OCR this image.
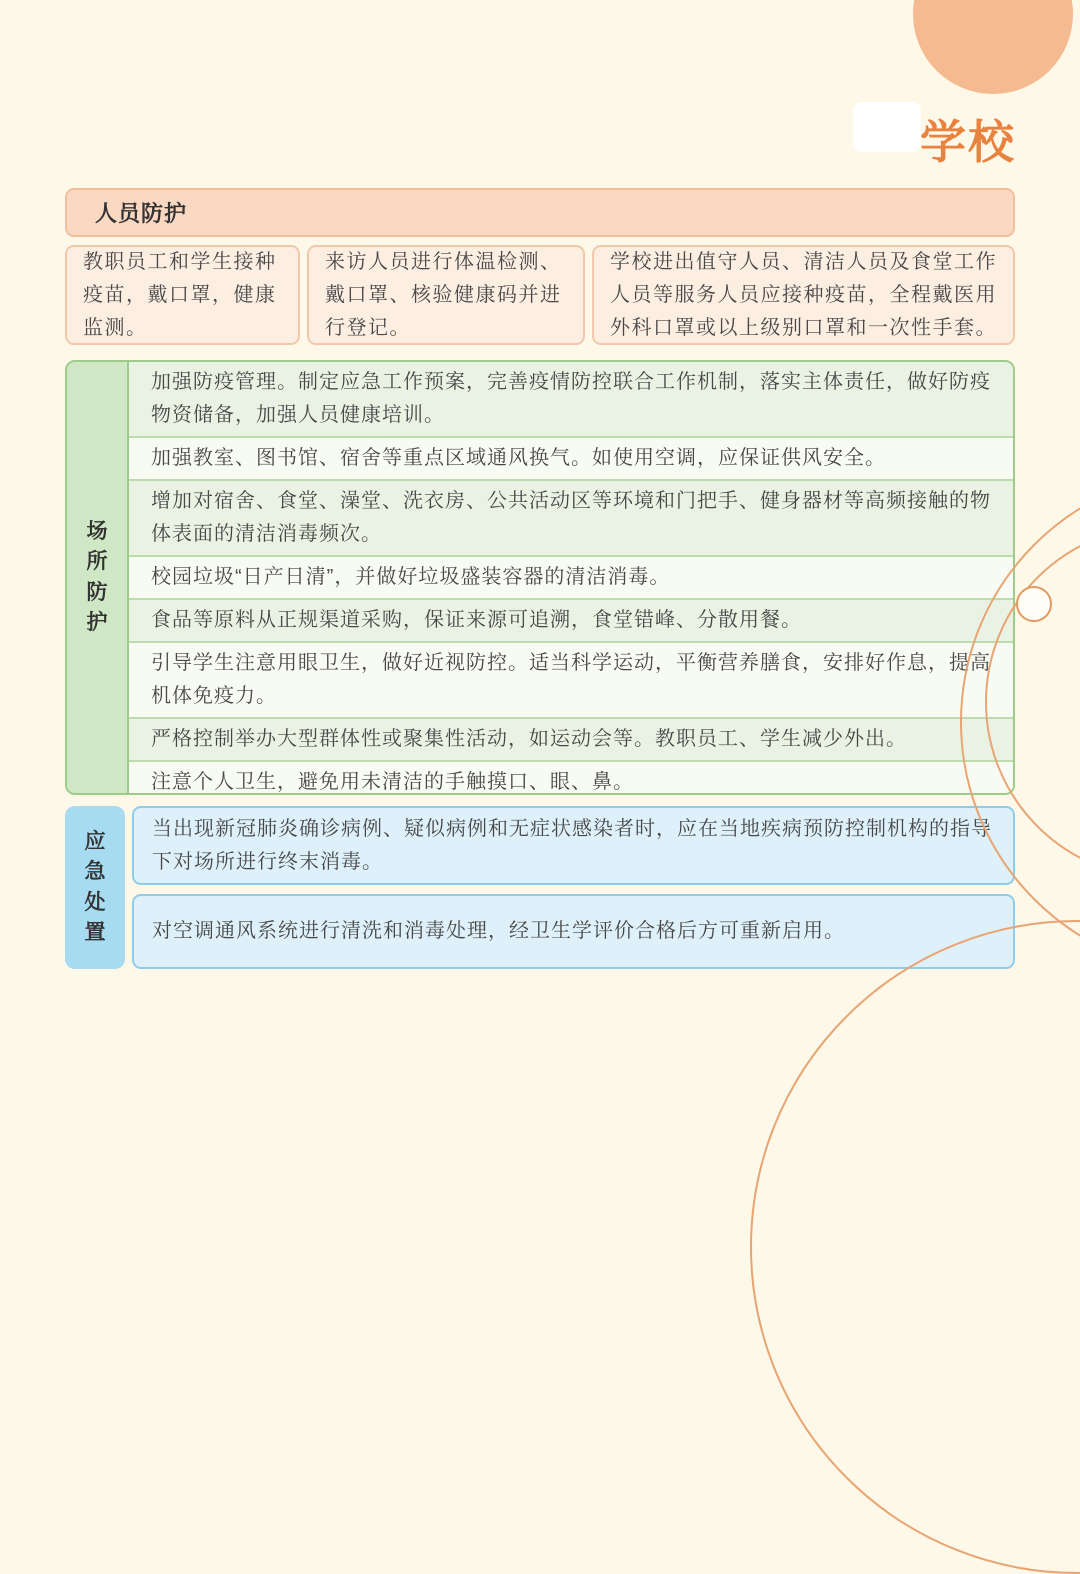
学校
人员防护
教职员工和学生接种疫苗，戴口罩，健康监测。
来访人员进行体温检测、戴口罩、核验健康码并进行登记。
学校进出值守人员、清洁人员及食堂工作人员等服务人员应接种疫苗，全程戴医用外科口罩或以上级别口罩和一次性手套。
场所防护
加强防疫管理。制定应急工作预案，完善疫情防控联合工作机制，落实主体责任，做好防疫物资储备，加强人员健康培训。
加强教室、图书馆、宿舍等重点区域通风换气。如使用空调，应保证供风安全。
增加对宿舍、食堂、澡堂、洗衣房、公共活动区等环境和门把手、健身器材等高频接触的物体表面的清洁消毒频次。
校园垃圾“日产日清”，并做好垃圾盛装容器的清洁消毒。
食品等原料从正规渠道采购，保证来源可追溯，食堂错峰、分散用餐。
引导学生注意用眼卫生，做好近视防控。适当科学运动，平衡营养膳食，安排好作息，提高机体免疫力。
严格控制举办大型群体性或聚集性活动，如运动会等。教职员工、学生减少外出。
注意个人卫生，避免用未清洁的手触摸口、眼、鼻。
应急处置
当出现新冠肺炎确诊病例、疑似病例和无症状感染者时，应在当地疾病预防控制机构的指导下对场所进行终末消毒。
对空调通风系统进行清洗和消毒处理，经卫生学评价合格后方可重新启用。
